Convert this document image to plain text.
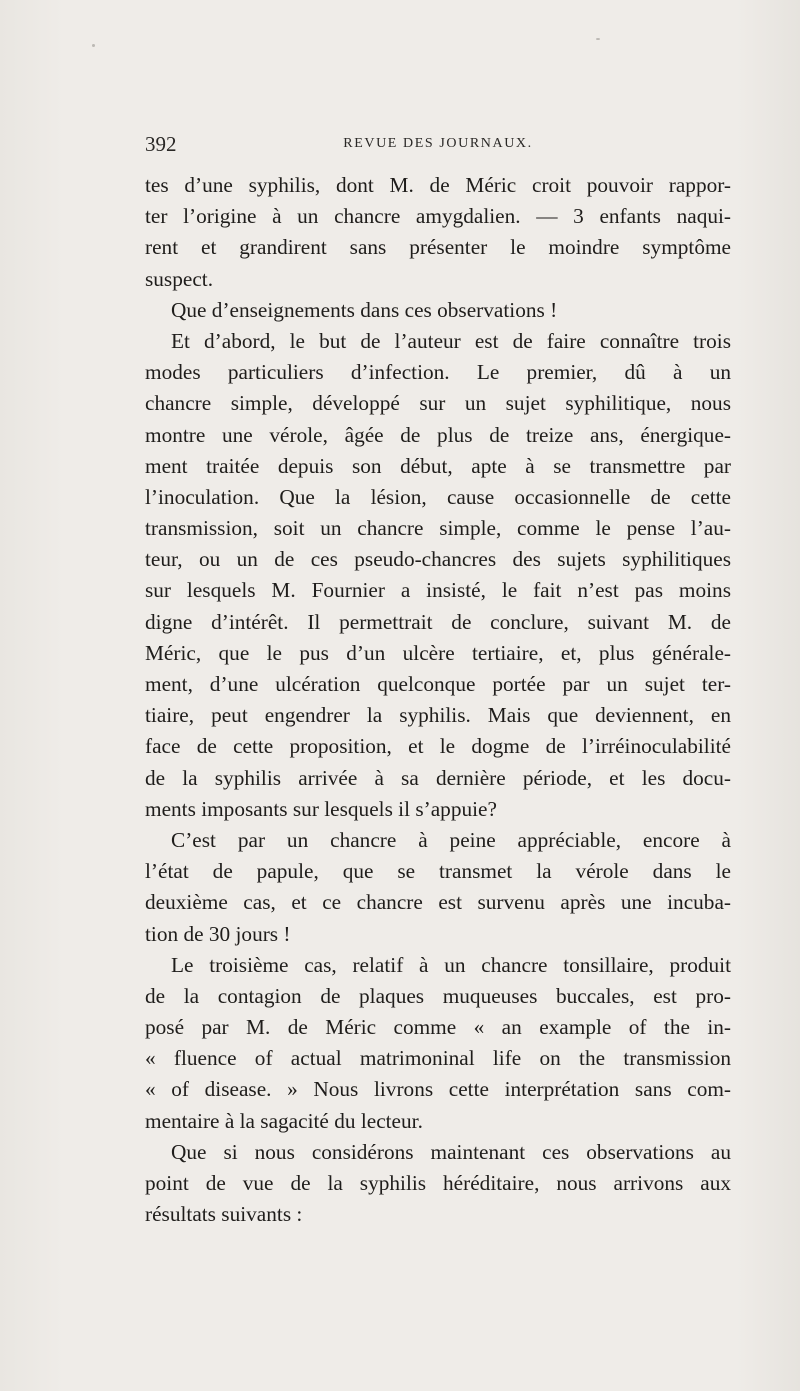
392	REVUE DES JOURNAUX.
tes d’une syphilis, dont M. de Méric croit pouvoir rappor-
ter l’origine à un chancre amygdalien. — 3 enfants naqui-
rent et grandirent sans présenter le moindre symptôme
suspect.
Que d’enseignements dans ces observations !
Et d’abord, le but de l’auteur est de faire connaître trois
modes particuliers d’infection. Le premier, dû à un
chancre simple, développé sur un sujet syphilitique, nous
montre une vérole, âgée de plus de treize ans, énergique-
ment traitée depuis son début, apte à se transmettre par
l’inoculation. Que la lésion, cause occasionnelle de cette
transmission, soit un chancre simple, comme le pense l’au-
teur, ou un de ces pseudo-chancres des sujets syphilitiques
sur lesquels M. Fournier a insisté, le fait n’est pas moins
digne d’intérêt. Il permettrait de conclure, suivant M. de
Méric, que le pus d’un ulcère tertiaire, et, plus générale-
ment, d’une ulcération quelconque portée par un sujet ter-
tiaire, peut engendrer la syphilis. Mais que deviennent, en
face de cette proposition, et le dogme de l’irréinoculabilité
de la syphilis arrivée à sa dernière période, et les docu-
ments imposants sur lesquels il s’appuie?
C’est par un chancre à peine appréciable, encore à
l’état de papule, que se transmet la vérole dans le
deuxième cas, et ce chancre est survenu après une incuba-
tion de 30 jours !
Le troisième cas, relatif à un chancre tonsillaire, produit
de la contagion de plaques muqueuses buccales, est pro-
posé par M. de Méric comme « an example of the in-
« fluence of actual matrimoninal life on the transmission
« of disease. » Nous livrons cette interprétation sans com-
mentaire à la sagacité du lecteur.
Que si nous considérons maintenant ces observations au
point de vue de la syphilis héréditaire, nous arrivons aux
résultats suivants :
